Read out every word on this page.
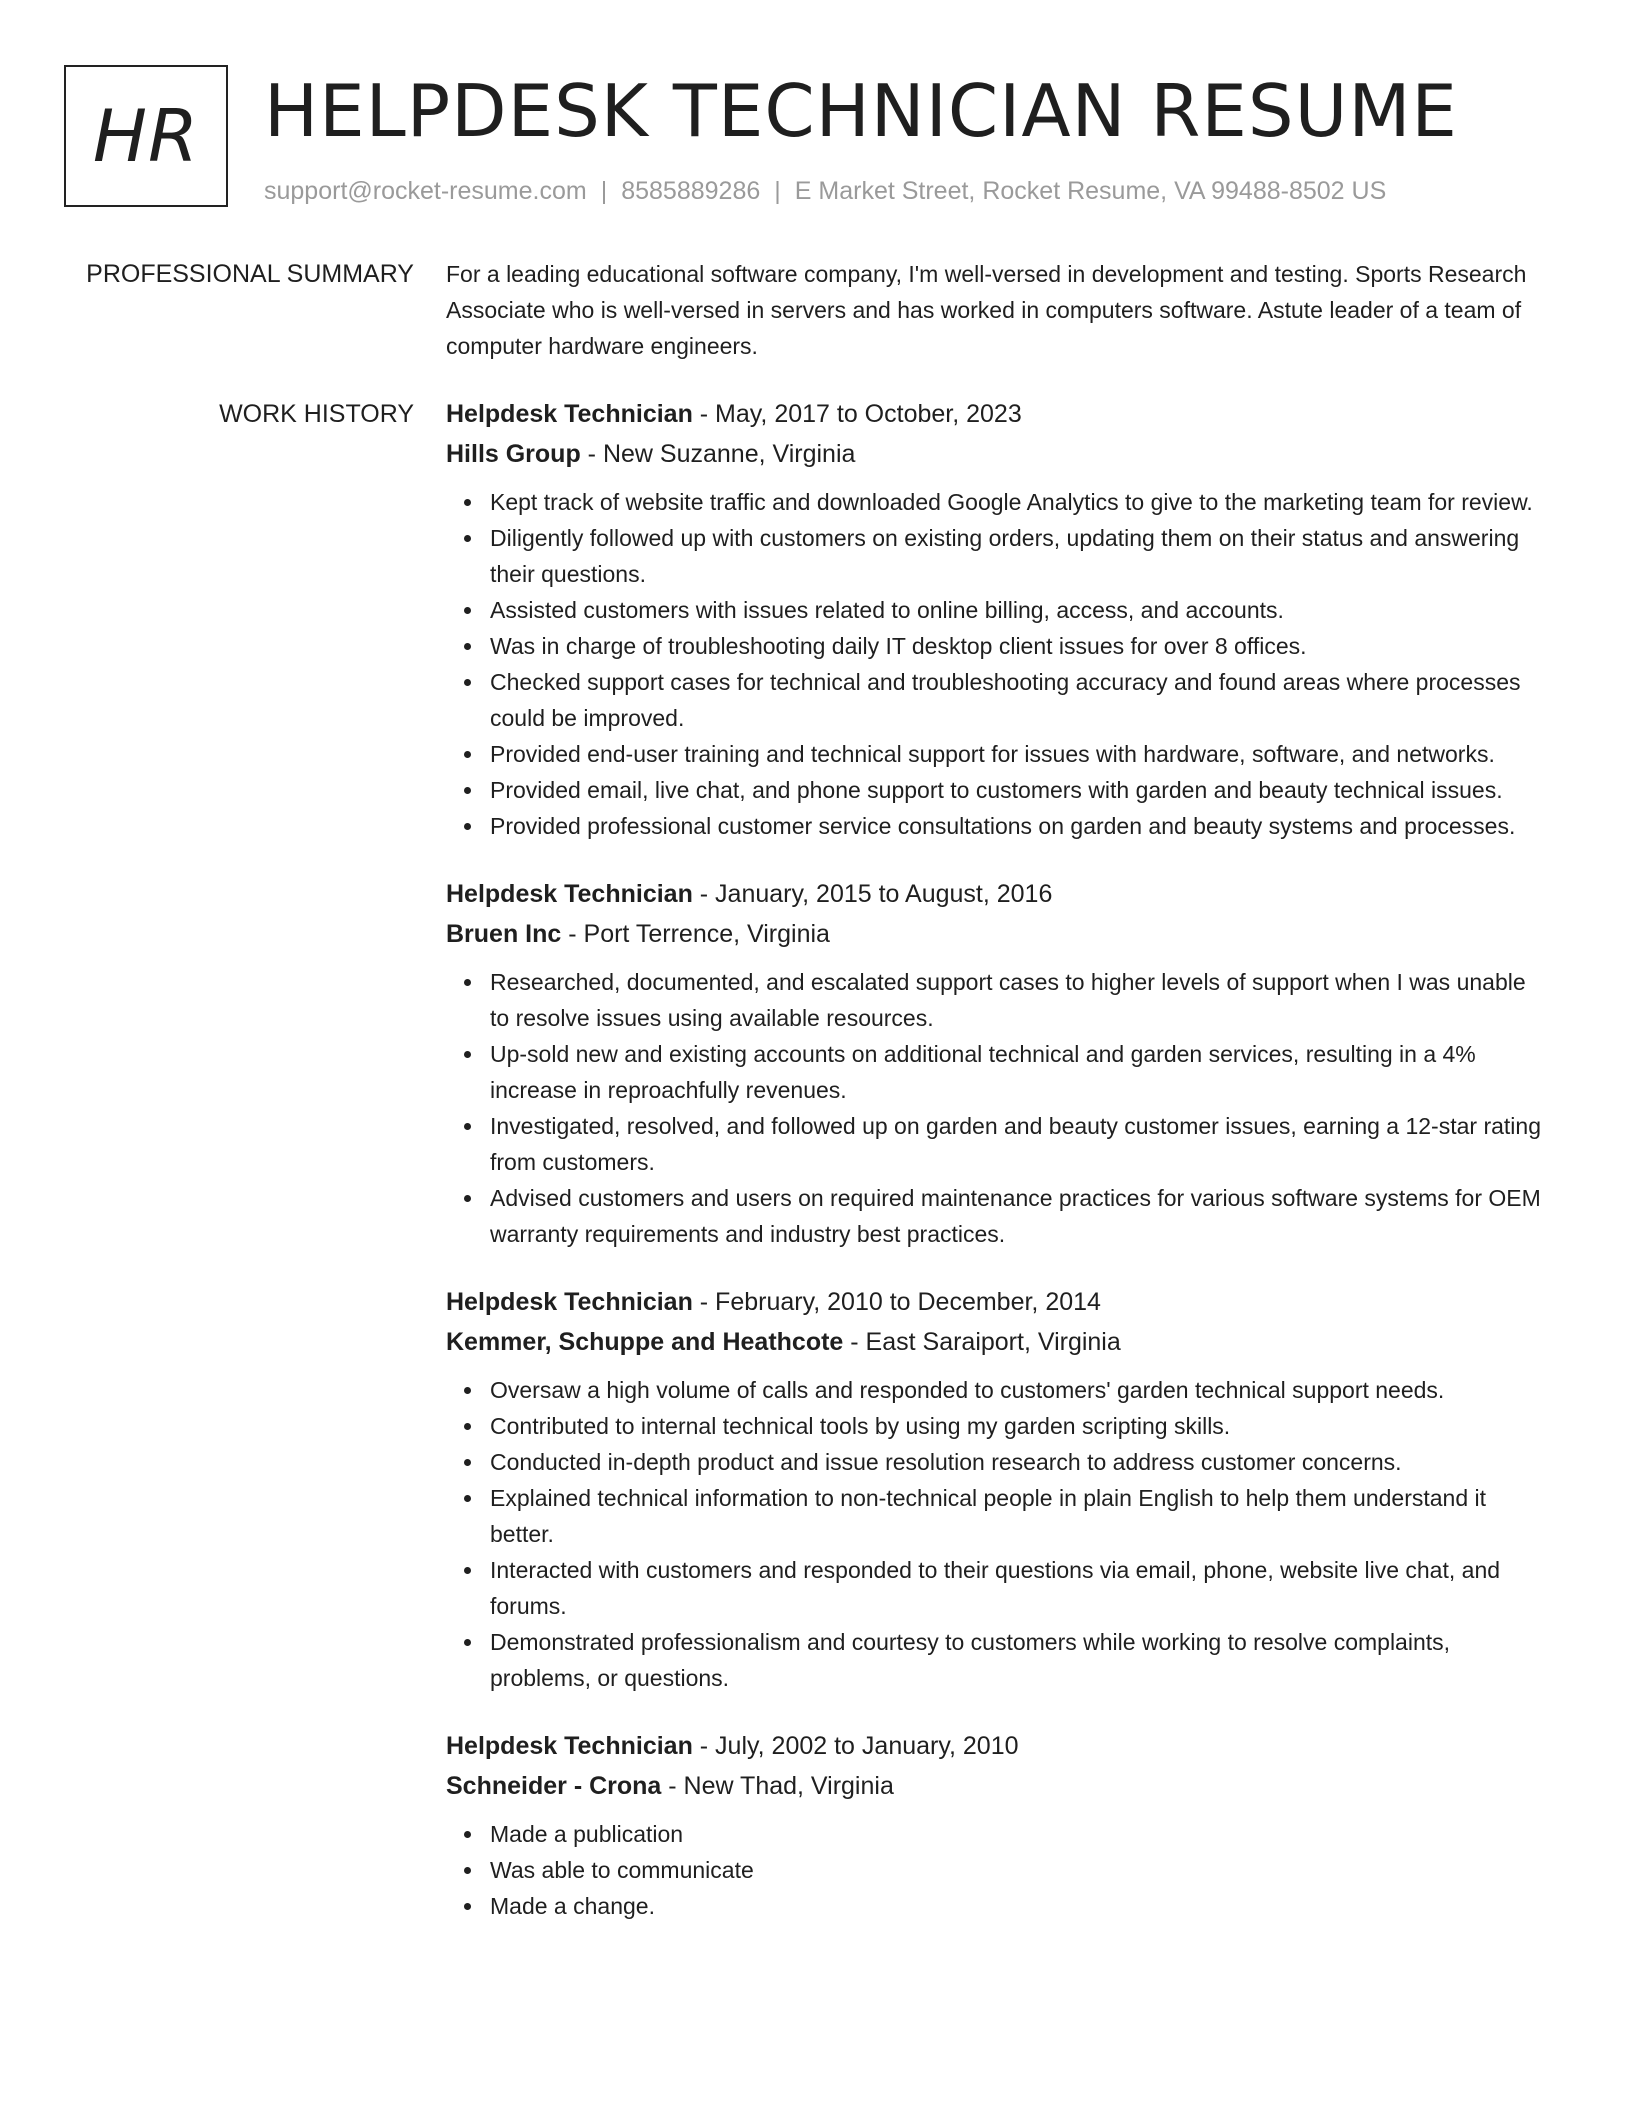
HR HELPDESK TECHNICIAN RESUME
support@rocket-resume.com | 8585889286 | E Market Street, Rocket Resume, VA 99488-8502 US
PROFESSIONAL SUMMARY For a leading educational software company, I'm well-versed in development and testing. Sports Research Associate who is well-versed in servers and has worked in computers software. Astute leader of a team of computer hardware engineers.

WORK HISTORY Helpdesk Technician - May, 2017 to October, 2023
Hills Group - New Suzanne, Virginia
Kept track of website traffic and downloaded Google Analytics to give to the marketing team for review.
Diligently followed up with customers on existing orders, updating them on their status and answering their questions.
Assisted customers with issues related to online billing, access, and accounts.
Was in charge of troubleshooting daily IT desktop client issues for over 8 offices.
Checked support cases for technical and troubleshooting accuracy and found areas where processes could be improved.
Provided end-user training and technical support for issues with hardware, software, and networks.
Provided email, live chat, and phone support to customers with garden and beauty technical issues.
Provided professional customer service consultations on garden and beauty systems and processes.
Helpdesk Technician - January, 2015 to August, 2016
Bruen Inc - Port Terrence, Virginia
Researched, documented, and escalated support cases to higher levels of support when I was unable to resolve issues using available resources.
Up-sold new and existing accounts on additional technical and garden services, resulting in a 4% increase in reproachfully revenues.
Investigated, resolved, and followed up on garden and beauty customer issues, earning a 12-star rating from customers.
Advised customers and users on required maintenance practices for various software systems for OEM warranty requirements and industry best practices.
Helpdesk Technician - February, 2010 to December, 2014
Kemmer, Schuppe and Heathcote - East Saraiport, Virginia
Oversaw a high volume of calls and responded to customers' garden technical support needs.
Contributed to internal technical tools by using my garden scripting skills.
Conducted in-depth product and issue resolution research to address customer concerns.
Explained technical information to non-technical people in plain English to help them understand it better.
Interacted with customers and responded to their questions via email, phone, website live chat, and forums.
Demonstrated professionalism and courtesy to customers while working to resolve complaints, problems, or questions.
Helpdesk Technician - July, 2002 to January, 2010
Schneider - Crona - New Thad, Virginia
Made a publication
Was able to communicate
Made a change.
